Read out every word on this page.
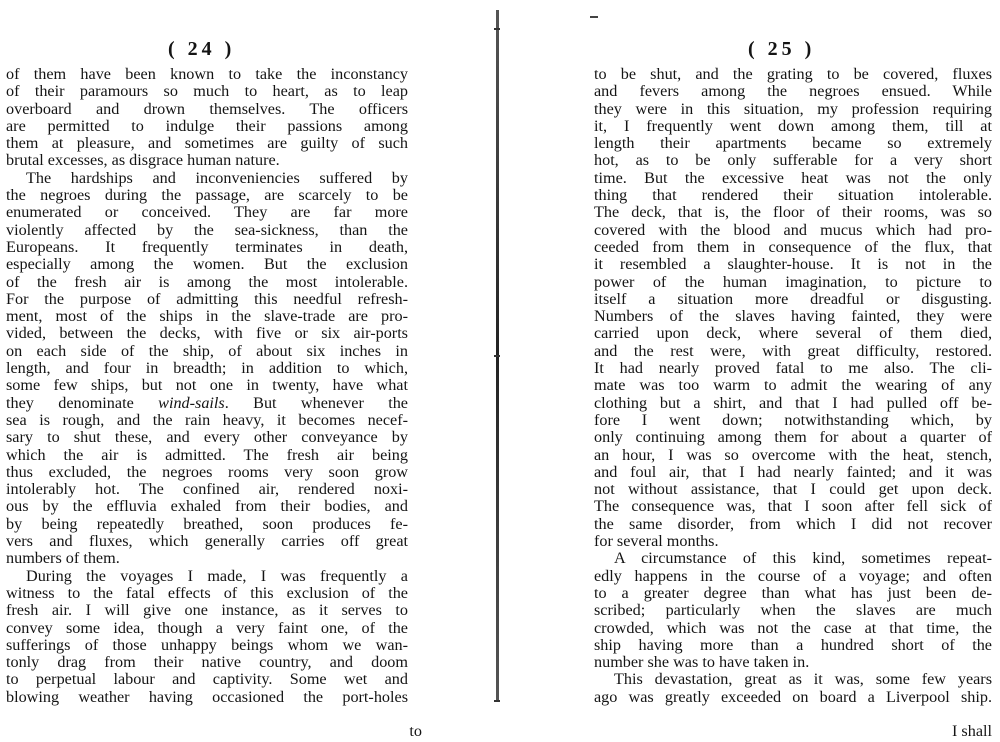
( 24 )
of them have been known to take the inconstancy
of their paramours so much to heart, as to leap
overboard and drown themselves. The officers
are permitted to indulge their passions among
them at pleasure, and sometimes are guilty of such
brutal excesses, as disgrace human nature.
The hardships and inconveniencies suffered by
the negroes during the passage, are scarcely to be
enumerated or conceived. They are far more
violently affected by the sea-sickness, than the
Europeans. It frequently terminates in death,
especially among the women. But the exclusion
of the fresh air is among the most intolerable.
For the purpose of admitting this needful refresh-
ment, most of the ships in the slave-trade are pro-
vided, between the decks, with five or six air-ports
on each side of the ship, of about six inches in
length, and four in breadth; in addition to which,
some few ships, but not one in twenty, have what
they denominate wind-sails. But whenever the
sea is rough, and the rain heavy, it becomes necef-
sary to shut these, and every other conveyance by
which the air is admitted. The fresh air being
thus excluded, the negroes rooms very soon grow
intolerably hot. The confined air, rendered noxi-
ous by the effluvia exhaled from their bodies, and
by being repeatedly breathed, soon produces fe-
vers and fluxes, which generally carries off great
numbers of them.
During the voyages I made, I was frequently a
witness to the fatal effects of this exclusion of the
fresh air. I will give one instance, as it serves to
convey some idea, though a very faint one, of the
sufferings of those unhappy beings whom we wan-
tonly drag from their native country, and doom
to perpetual labour and captivity. Some wet and
blowing weather having occasioned the port-holes
to
( 25 )
to be shut, and the grating to be covered, fluxes
and fevers among the negroes ensued. While
they were in this situation, my profession requiring
it, I frequently went down among them, till at
length their apartments became so extremely
hot, as to be only sufferable for a very short
time. But the excessive heat was not the only
thing that rendered their situation intolerable.
The deck, that is, the floor of their rooms, was so
covered with the blood and mucus which had pro-
ceeded from them in consequence of the flux, that
it resembled a slaughter-house. It is not in the
power of the human imagination, to picture to
itself a situation more dreadful or disgusting.
Numbers of the slaves having fainted, they were
carried upon deck, where several of them died,
and the rest were, with great difficulty, restored.
It had nearly proved fatal to me also. The cli-
mate was too warm to admit the wearing of any
clothing but a shirt, and that I had pulled off be-
fore I went down; notwithstanding which, by
only continuing among them for about a quarter of
an hour, I was so overcome with the heat, stench,
and foul air, that I had nearly fainted; and it was
not without assistance, that I could get upon deck.
The consequence was, that I soon after fell sick of
the same disorder, from which I did not recover
for several months.
A circumstance of this kind, sometimes repeat-
edly happens in the course of a voyage; and often
to a greater degree than what has just been de-
scribed; particularly when the slaves are much
crowded, which was not the case at that time, the
ship having more than a hundred short of the
number she was to have taken in.
This devastation, great as it was, some few years
ago was greatly exceeded on board a Liverpool ship.
I shall
